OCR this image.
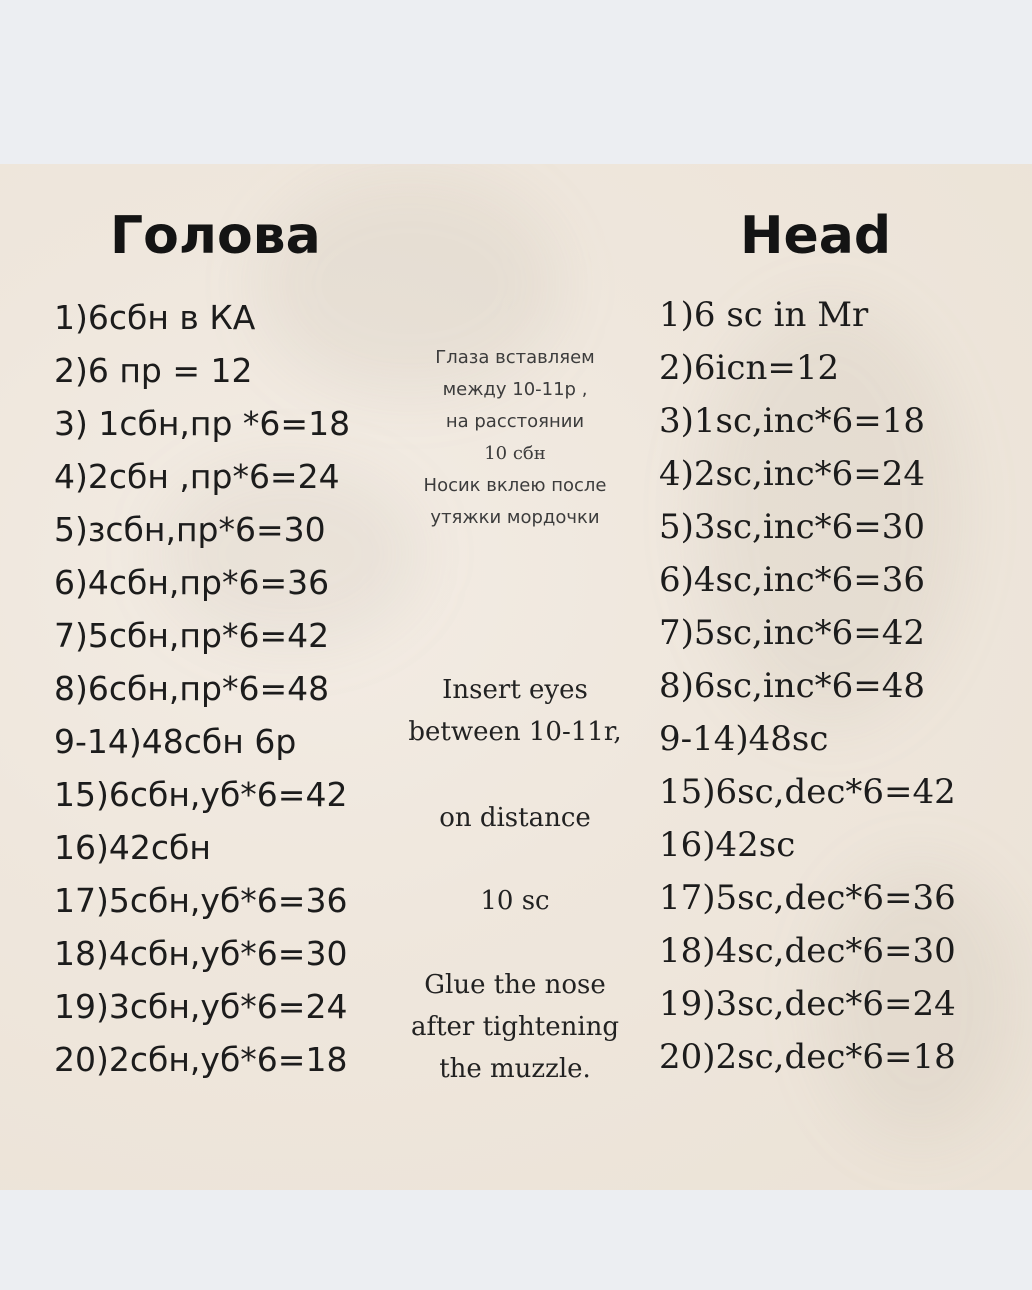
Голова	Head
1)6сбн в КА
2)6 пр = 12
3) 1сбн,пр *6=18
4)2сбн ,пр*6=24
5)зсбн,пр*6=30
6)4сбн,пр*6=36
7)5сбн,пр*6=42
8)6сбн,пр*6=48
9-14)48сбн 6р
15)6сбн,уб*6=42
16)42сбн
17)5сбн,уб*6=36
18)4сбн,уб*6=30
19)3сбн,уб*6=24
20)2сбн,уб*6=18
Глаза вставляем
между 10-11р ,
на расстоянии
10 сбн
Носик вклею после
утяжки мордочки
Insert eyes
between 10-11r,
on distance
10 sc
Glue the nose
after tightening
the muzzle.
1)6 sc in Mr
2)6icn=12
3)1sc,inc*6=18
4)2sc,inc*6=24
5)3sc,inc*6=30
6)4sc,inc*6=36
7)5sc,inc*6=42
8)6sc,inc*6=48
9-14)48sc
15)6sc,dec*6=42
16)42sc
17)5sc,dec*6=36
18)4sc,dec*6=30
19)3sc,dec*6=24
20)2sc,dec*6=18
